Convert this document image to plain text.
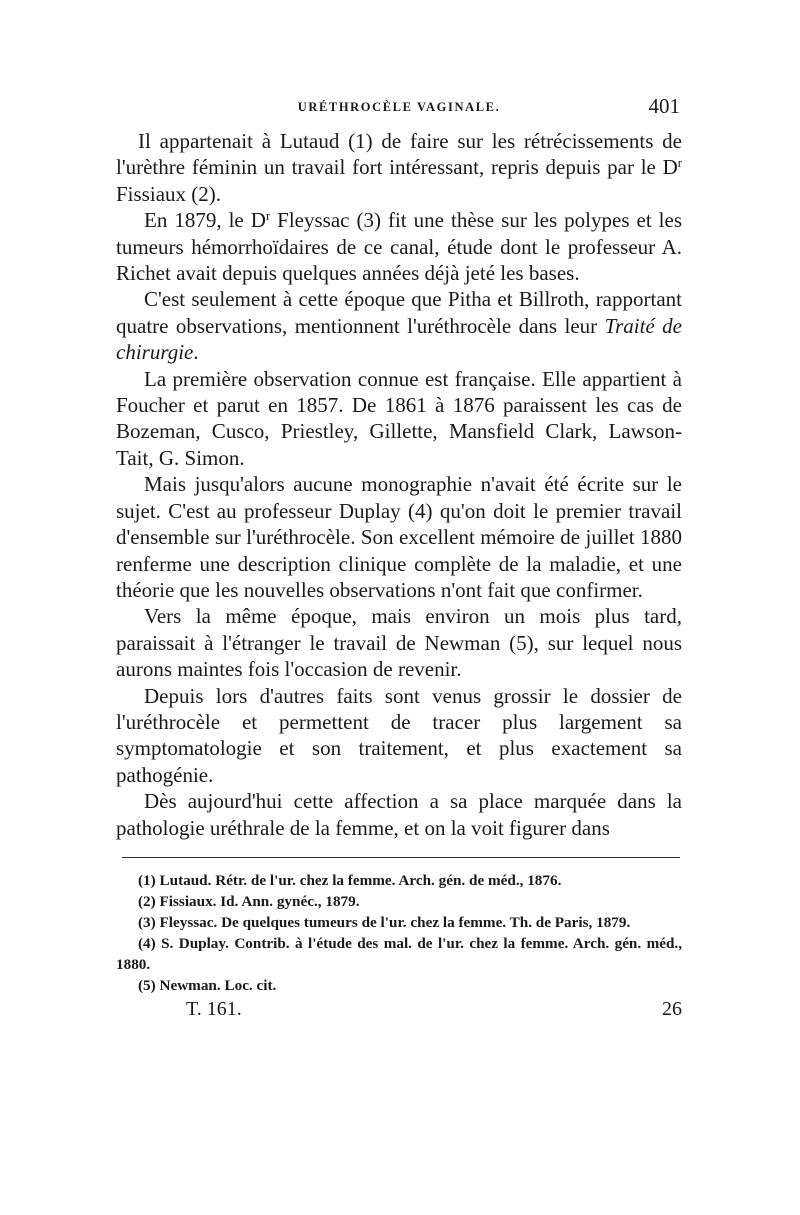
URÉTHROCÈLE VAGINALE.	401

Il appartenait à Lutaud (1) de faire sur les rétrécissements de l'urèthre féminin un travail fort intéressant, repris depuis par le $D^r$ Fissiaux (2).

En 1879, le $D^r$ Fleyssac (3) fit une thèse sur les polypes et les tumeurs hémorrhoïdaires de ce canal, étude dont le professeur A. Richet avait depuis quelques années déjà jeté les bases.

C'est seulement à cette époque que Pitha et Billroth, rapportant quatre observations, mentionnent l'uréthrocèle dans leur Traité de chirurgie.

La première observation connue est française. Elle appartient à Foucher et parut en 1857. De 1861 à 1876 paraissent les cas de Bozeman, Cusco, Priestley, Gillette, Mansfield Clark, Lawson-Tait, G. Simon.

Mais jusqu'alors aucune monographie n'avait été écrite sur le sujet. C'est au professeur Duplay (4) qu'on doit le premier travail d'ensemble sur l'uréthrocèle. Son excellent mémoire de juillet 1880 renferme une description clinique complète de la maladie, et une théorie que les nouvelles observations n'ont fait que confirmer.

Vers la même époque, mais environ un mois plus tard, paraissait à l'étranger le travail de Newman (5), sur lequel nous aurons maintes fois l'occasion de revenir.

Depuis lors d'autres faits sont venus grossir le dossier de l'uréthrocèle et permettent de tracer plus largement sa symptomatologie et son traitement, et plus exactement sa pathogénie.

Dès aujourd'hui cette affection a sa place marquée dans la pathologie uréthrale de la femme, et on la voit figurer dans

(1) Lutaud. Rétr. de l'ur. chez la femme. Arch. gén. de méd., 1876.

(2) Fissiaux. Id. Ann. gynéc., 1879.

(3) Fleyssac. De quelques tumeurs de l'ur. chez la femme. Th. de Paris, 1879.

(4) S. Duplay. Contrib. à l'étude des mal. de l'ur. chez la femme. Arch. gén. méd., 1880.

(5) Newman. Loc. cit.

T. 161.	26
